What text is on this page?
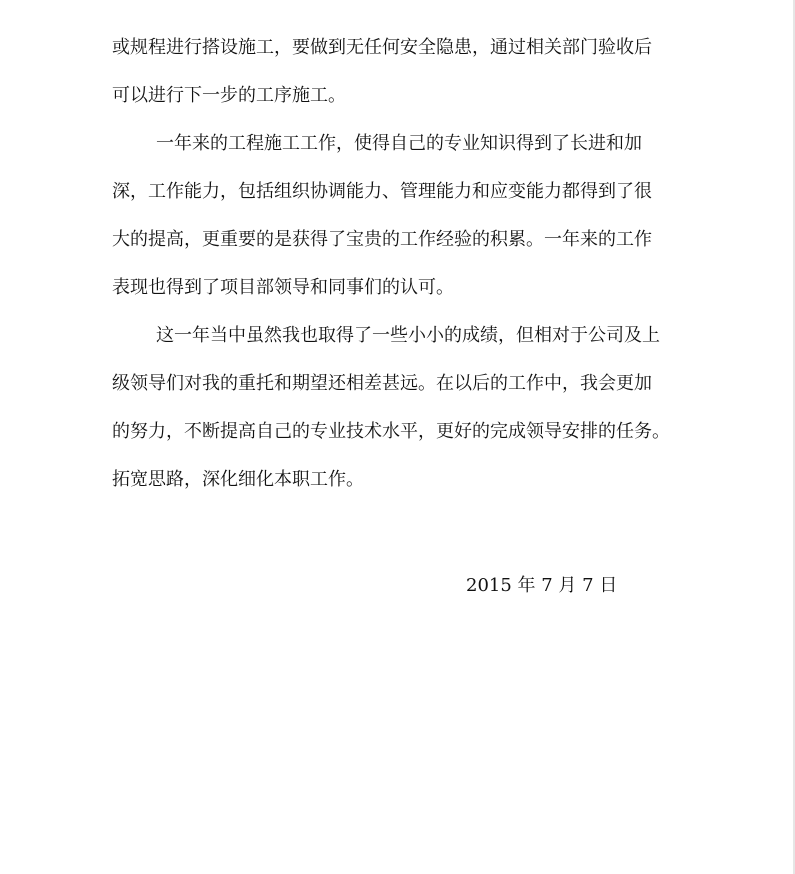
或规程进行搭设施工，要做到无任何安全隐患，通过相关部门验收后
可以进行下一步的工序施工。
一年来的工程施工工作，使得自己的专业知识得到了长进和加
深，工作能力，包括组织协调能力、管理能力和应变能力都得到了很
大的提高，更重要的是获得了宝贵的工作经验的积累。一年来的工作
表现也得到了项目部领导和同事们的认可。
这一年当中虽然我也取得了一些小小的成绩，但相对于公司及上
级领导们对我的重托和期望还相差甚远。在以后的工作中，我会更加
的努力，不断提高自己的专业技术水平，更好的完成领导安排的任务。
拓宽思路，深化细化本职工作。
2015 年 7 月 7 日
